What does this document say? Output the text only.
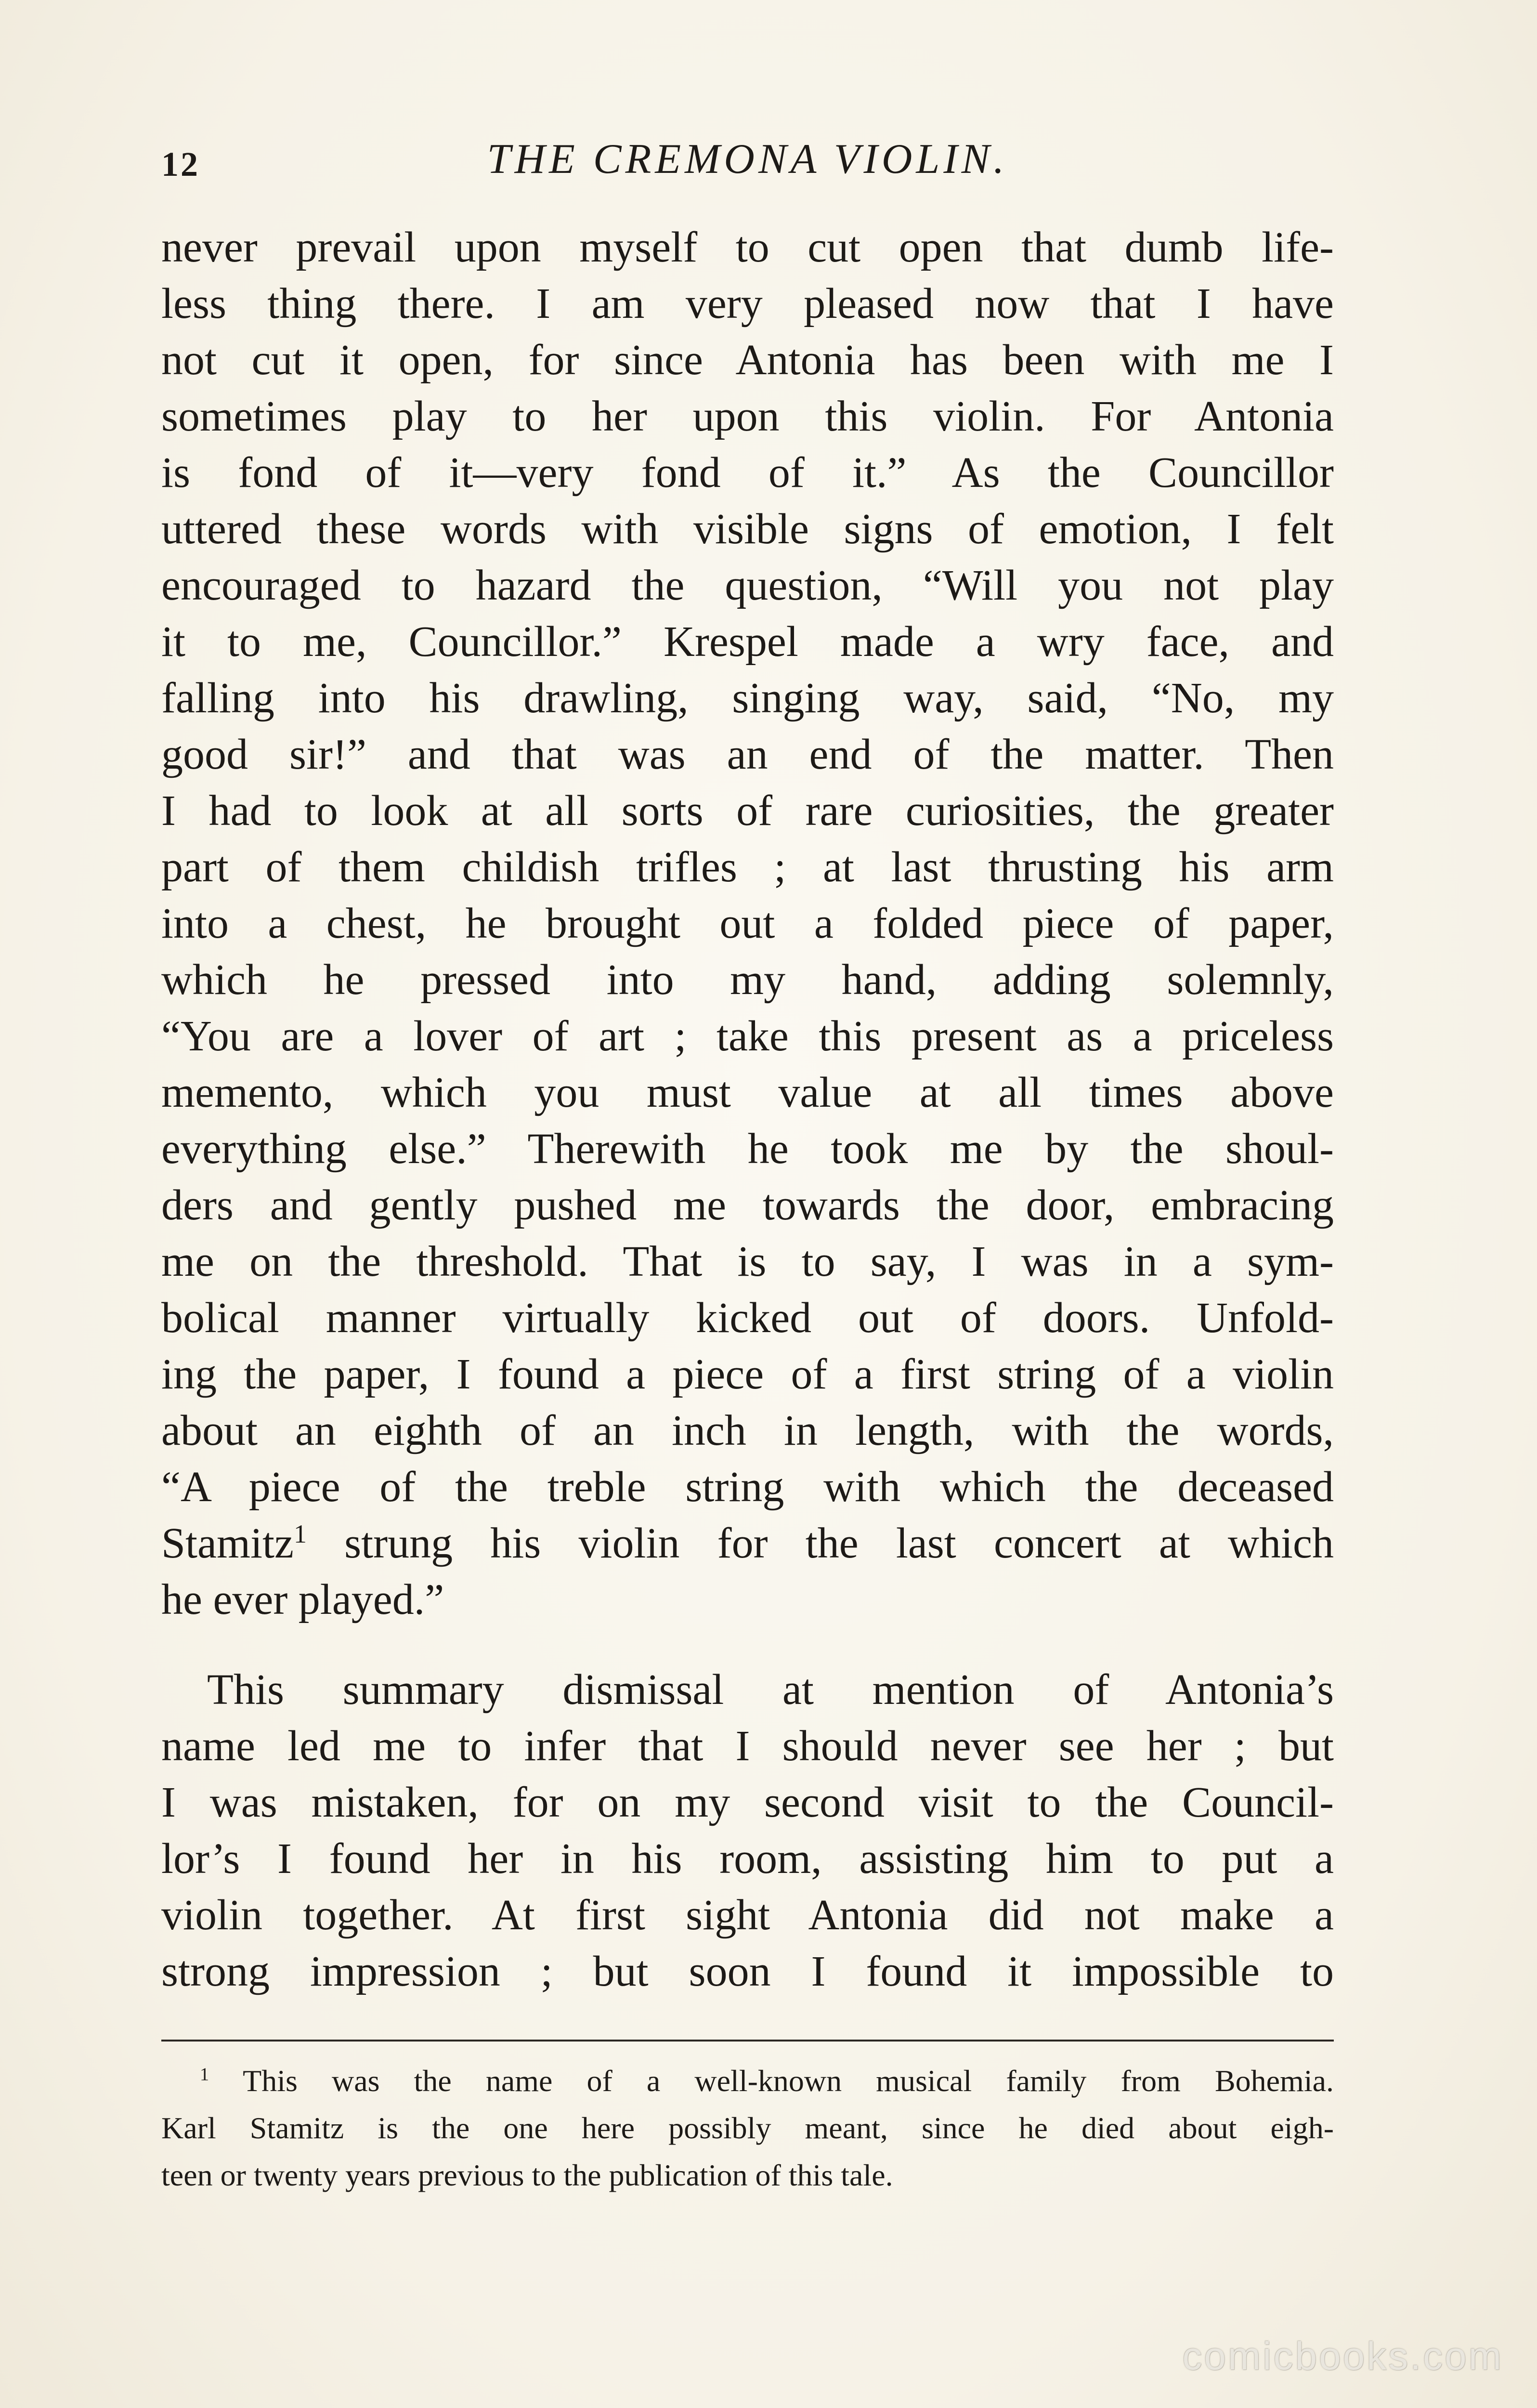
12	THE CREMONA VIOLIN.
never prevail upon myself to cut open that dumb life-
less thing there. I am very pleased now that I have
not cut it open, for since Antonia has been with me I
sometimes play to her upon this violin. For Antonia
is fond of it—very fond of it.” As the Councillor
uttered these words with visible signs of emotion, I felt
encouraged to hazard the question, “Will you not play
it to me, Councillor.” Krespel made a wry face, and
falling into his drawling, singing way, said, “No, my
good sir!” and that was an end of the matter. Then
I had to look at all sorts of rare curiosities, the greater
part of them childish trifles ; at last thrusting his arm
into a chest, he brought out a folded piece of paper,
which he pressed into my hand, adding solemnly,
“You are a lover of art ; take this present as a priceless
memento, which you must value at all times above
everything else.” Therewith he took me by the shoul-
ders and gently pushed me towards the door, embracing
me on the threshold. That is to say, I was in a sym-
bolical manner virtually kicked out of doors. Unfold-
ing the paper, I found a piece of a first string of a violin
about an eighth of an inch in length, with the words,
“A piece of the treble string with which the deceased
Stamitz$^1$ strung his violin for the last concert at which
he ever played.”
This summary dismissal at mention of Antonia’s
name led me to infer that I should never see her ; but
I was mistaken, for on my second visit to the Council-
lor’s I found her in his room, assisting him to put a
violin together. At first sight Antonia did not make a
strong impression ; but soon I found it impossible to
$^1$ This was the name of a well-known musical family from Bohemia.
Karl Stamitz is the one here possibly meant, since he died about eigh-
teen or twenty years previous to the publication of this tale.
comicbooks.com
